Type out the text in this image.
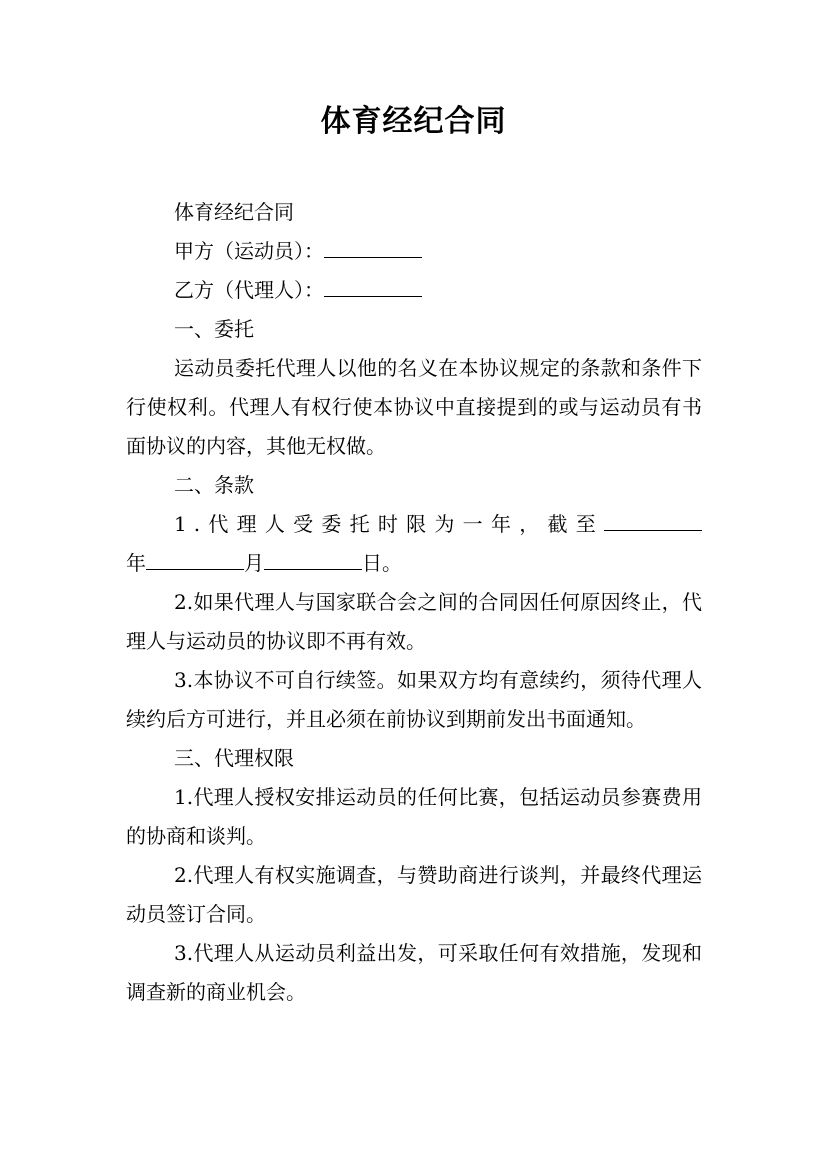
体育经纪合同
体育经纪合同
甲方（运动员）：
乙方（代理人）：
一、委托
运动员委托代理人以他的名义在本协议规定的条款和条件下行使权利。代理人有权行使本协议中直接提到的或与运动员有书面协议的内容，其他无权做。
二、条款
1.代理人受委托时限为一年，截至年	月	日。
2.如果代理人与国家联合会之间的合同因任何原因终止，代理人与运动员的协议即不再有效。
3.本协议不可自行续签。如果双方均有意续约，须待代理人续约后方可进行，并且必须在前协议到期前发出书面通知。
三、代理权限
1.代理人授权安排运动员的任何比赛，包括运动员参赛费用的协商和谈判。
2.代理人有权实施调查，与赞助商进行谈判，并最终代理运动员签订合同。
3.代理人从运动员利益出发，可采取任何有效措施，发现和调查新的商业机会。
